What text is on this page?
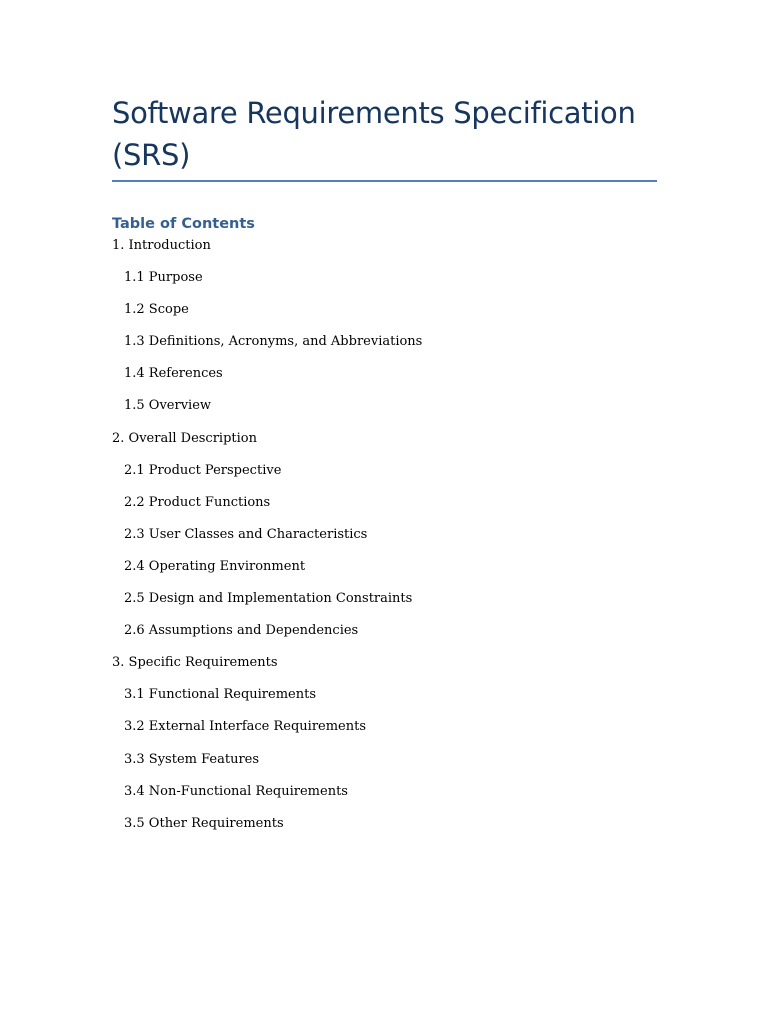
Software Requirements Specification (SRS)
Table of Contents
1. Introduction
1.1 Purpose
1.2 Scope
1.3 Definitions, Acronyms, and Abbreviations
1.4 References
1.5 Overview
2. Overall Description
2.1 Product Perspective
2.2 Product Functions
2.3 User Classes and Characteristics
2.4 Operating Environment
2.5 Design and Implementation Constraints
2.6 Assumptions and Dependencies
3. Specific Requirements
3.1 Functional Requirements
3.2 External Interface Requirements
3.3 System Features
3.4 Non-Functional Requirements
3.5 Other Requirements
